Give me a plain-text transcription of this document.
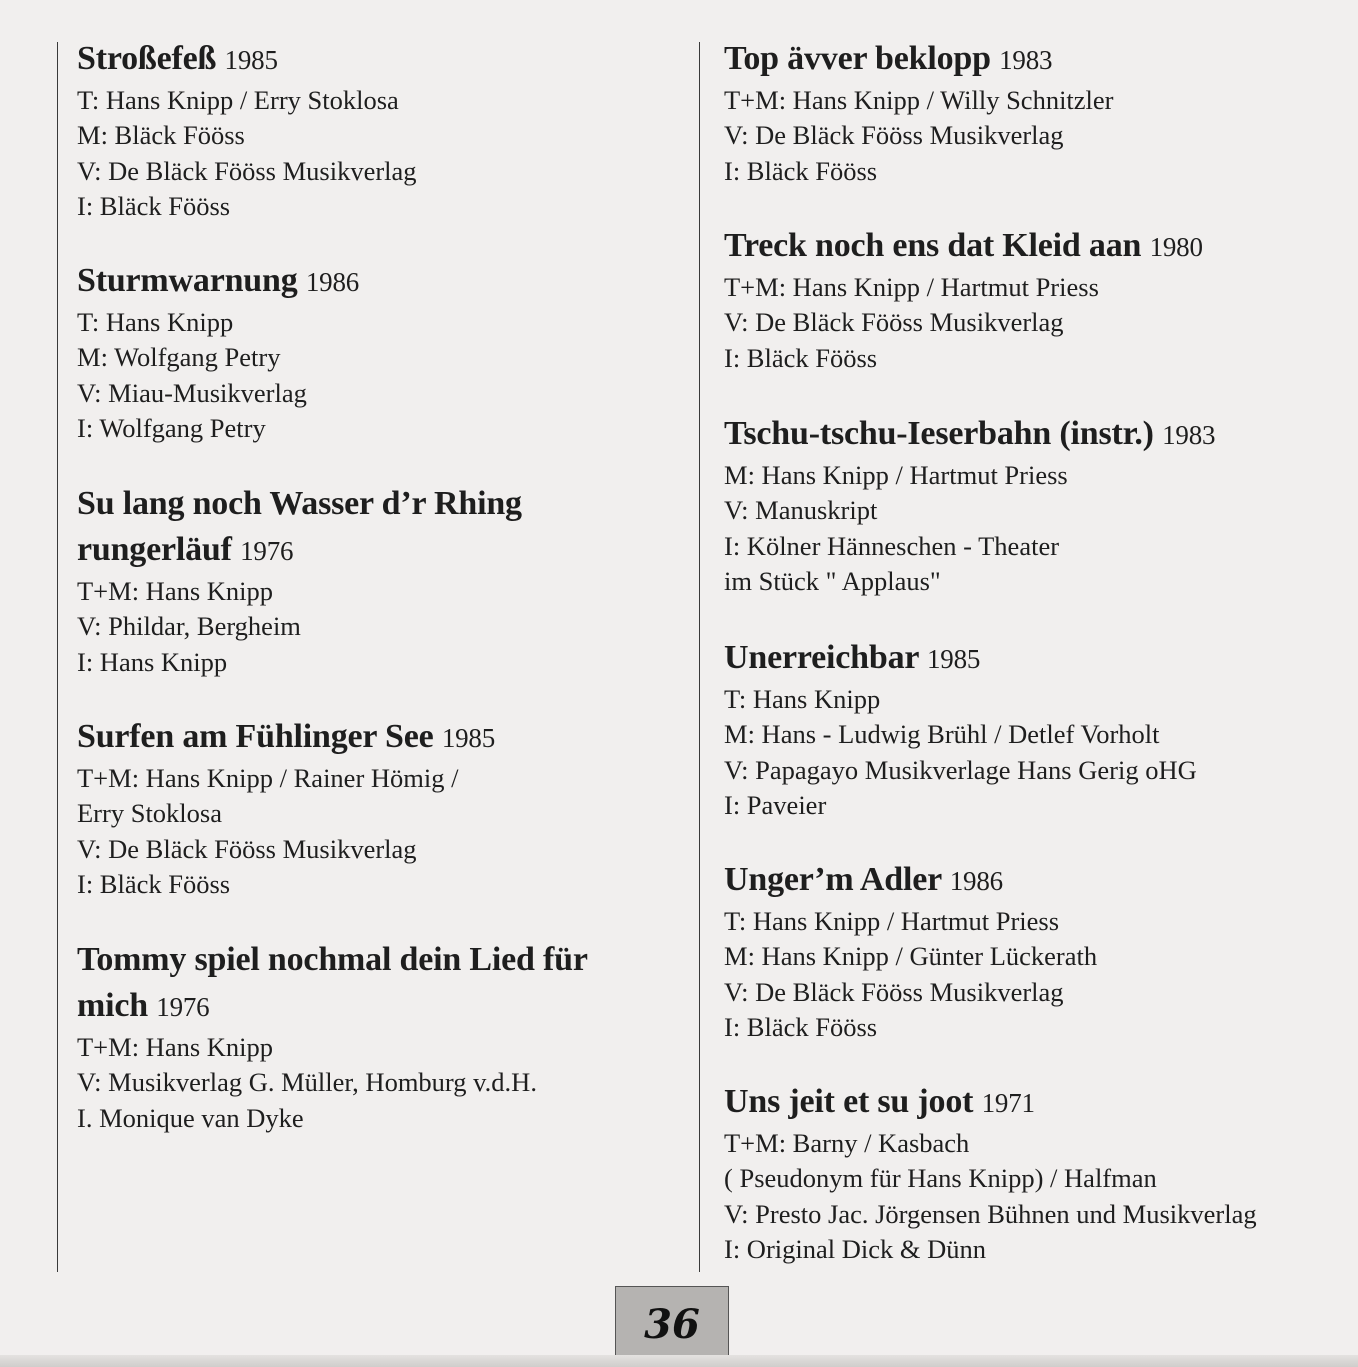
Stroßefeß 1985
T: Hans Knipp / Erry Stoklosa
M: Bläck Fööss
V: De Bläck Fööss Musikverlag
I: Bläck Fööss
Sturmwarnung 1986
T: Hans Knipp
M: Wolfgang Petry
V: Miau-Musikverlag
I: Wolfgang Petry
Su lang noch Wasser d’r Rhing
rungerläuf 1976
T+M: Hans Knipp
V: Phildar, Bergheim
I: Hans Knipp
Surfen am Fühlinger See 1985
T+M: Hans Knipp / Rainer Hömig /
Erry Stoklosa
V: De Bläck Fööss Musikverlag
I: Bläck Fööss
Tommy spiel nochmal dein Lied für
mich 1976
T+M: Hans Knipp
V: Musikverlag G. Müller, Homburg v.d.H.
I. Monique van Dyke
Top ävver beklopp 1983
T+M: Hans Knipp / Willy Schnitzler
V: De Bläck Fööss Musikverlag
I: Bläck Fööss
Treck noch ens dat Kleid aan 1980
T+M: Hans Knipp / Hartmut Priess
V: De Bläck Fööss Musikverlag
I: Bläck Fööss
Tschu-tschu-Ieserbahn (instr.) 1983
M: Hans Knipp / Hartmut Priess
V: Manuskript
I: Kölner Hänneschen - Theater
im Stück " Applaus"
Unerreichbar 1985
T: Hans Knipp
M: Hans - Ludwig Brühl / Detlef Vorholt
V: Papagayo Musikverlage Hans Gerig oHG
I: Paveier
Unger’m Adler 1986
T: Hans Knipp / Hartmut Priess
M: Hans Knipp / Günter Lückerath
V: De Bläck Fööss Musikverlag
I: Bläck Fööss
Uns jeit et su joot 1971
T+M: Barny / Kasbach
( Pseudonym für Hans Knipp) / Halfman
V: Presto Jac. Jörgensen Bühnen und Musikverlag
I: Original Dick & Dünn
36
